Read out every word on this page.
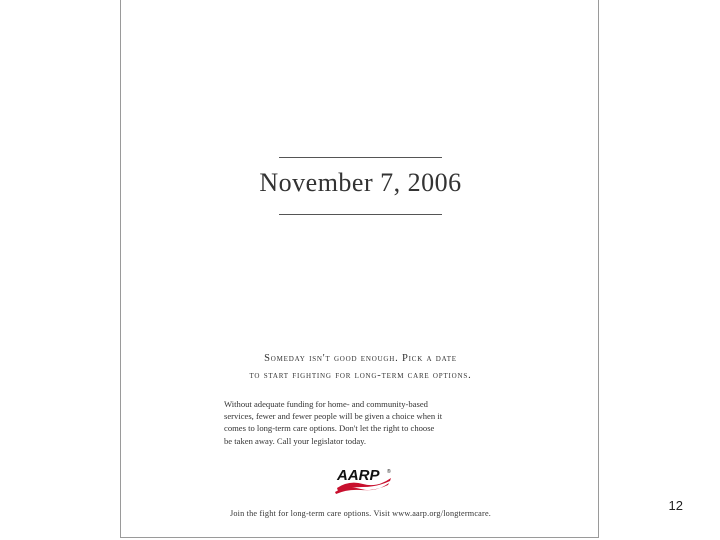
November 7, 2006
Someday isn't good enough. Pick a date
to start fighting for long-term care options.
Without adequate funding for home- and community-based
services, fewer and fewer people will be given a choice when it
comes to long-term care options. Don't let the right to choose
be taken away. Call your legislator today.
AARP ®
Join the fight for long-term care options. Visit www.aarp.org/longtermcare.
12
